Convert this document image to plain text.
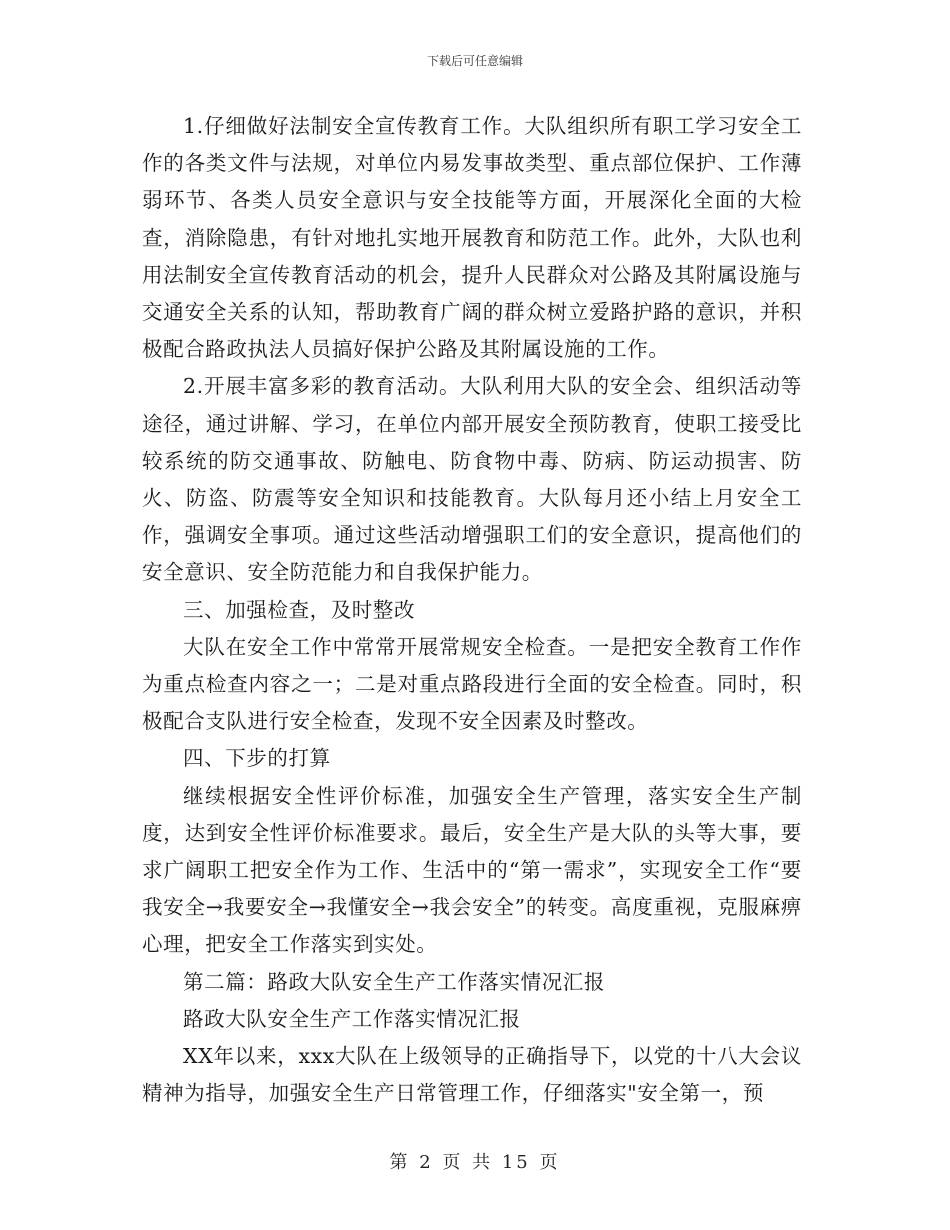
下载后可任意编辑

1.仔细做好法制安全宣传教育工作。大队组织所有职工学习安全工作的各类文件与法规，对单位内易发事故类型、重点部位保护、工作薄弱环节、各类人员安全意识与安全技能等方面，开展深化全面的大检查，消除隐患，有针对地扎实地开展教育和防范工作。此外，大队也利用法制安全宣传教育活动的机会，提升人民群众对公路及其附属设施与交通安全关系的认知，帮助教育广阔的群众树立爱路护路的意识，并积极配合路政执法人员搞好保护公路及其附属设施的工作。

2.开展丰富多彩的教育活动。大队利用大队的安全会、组织活动等途径，通过讲解、学习，在单位内部开展安全预防教育，使职工接受比较系统的防交通事故、防触电、防食物中毒、防病、防运动损害、防火、防盗、防震等安全知识和技能教育。大队每月还小结上月安全工作，强调安全事项。通过这些活动增强职工们的安全意识，提高他们的安全意识、安全防范能力和自我保护能力。

三、加强检查，及时整改

大队在安全工作中常常开展常规安全检查。一是把安全教育工作作为重点检查内容之一；二是对重点路段进行全面的安全检查。同时，积极配合支队进行安全检查，发现不安全因素及时整改。

四、下步的打算

继续根据安全性评价标准，加强安全生产管理，落实安全生产制度，达到安全性评价标准要求。最后，安全生产是大队的头等大事，要求广阔职工把安全作为工作、生活中的“第一需求”，实现安全工作“要我安全→我要安全→我懂安全→我会安全”的转变。高度重视，克服麻痹心理，把安全工作落实到实处。

第二篇：路政大队安全生产工作落实情况汇报

路政大队安全生产工作落实情况汇报

XX年以来，xxx大队在上级领导的正确指导下，以党的十八大会议精神为指导，加强安全生产日常管理工作，仔细落实"安全第一，预

第 2 页 共 15 页
